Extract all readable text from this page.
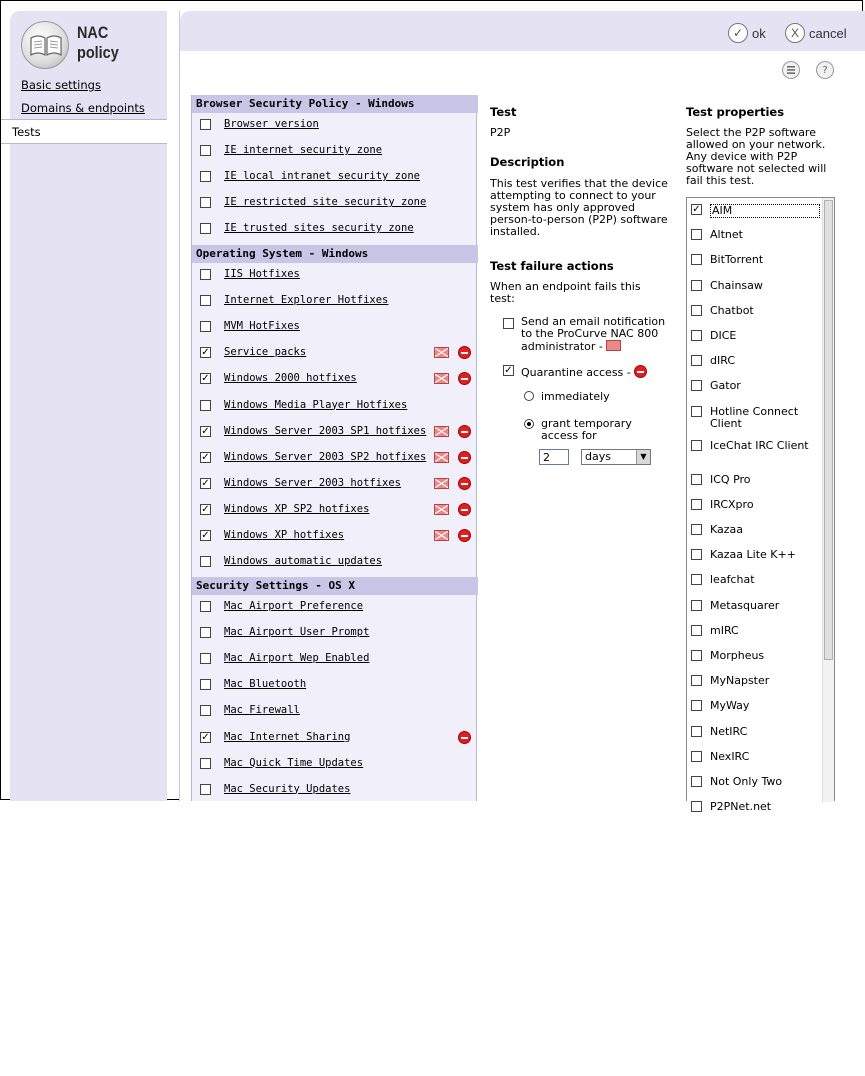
NAC
policy
Basic settings
Domains & endpoints
Tests
✓ ok	X cancel
?
Browser Security Policy - Windows
Browser version
IE internet security zone
IE local intranet security zone
IE restricted site security zone
IE trusted sites security zone
Operating System - Windows
IIS Hotfixes
Internet Explorer Hotfixes
MVM HotFixes
✓ Service packs
✓ Windows 2000 hotfixes
Windows Media Player Hotfixes
✓ Windows Server 2003 SP1 hotfixes
✓ Windows Server 2003 SP2 hotfixes
✓ Windows Server 2003 hotfixes
✓ Windows XP SP2 hotfixes
✓ Windows XP hotfixes
Windows automatic updates
Security Settings - OS X
Mac Airport Preference
Mac Airport User Prompt
Mac Airport Wep Enabled
Mac Bluetooth
Mac Firewall
✓ Mac Internet Sharing
Mac Quick Time Updates
Mac Security Updates
Test
P2P
Description
This test verifies that the device attempting to connect to your system has only approved person-to-person (P2P) software installed.
Test failure actions
When an endpoint fails this test:
Send an email notification to the ProCurve NAC 800 administrator -
✓ Quarantine access -
immediately
grant temporary access for
2
days	▼
Test properties
Select the P2P software allowed on your network. Any device with P2P software not selected will fail this test.
✓ AIM
Altnet
BitTorrent
Chainsaw
Chatbot
DICE
dIRC
Gator
Hotline Connect Client
IceChat IRC Client
ICQ Pro
IRCXpro
Kazaa
Kazaa Lite K++
leafchat
Metasquarer
mIRC
Morpheus
MyNapster
MyWay
NetIRC
NexIRC
Not Only Two
P2PNet.net
